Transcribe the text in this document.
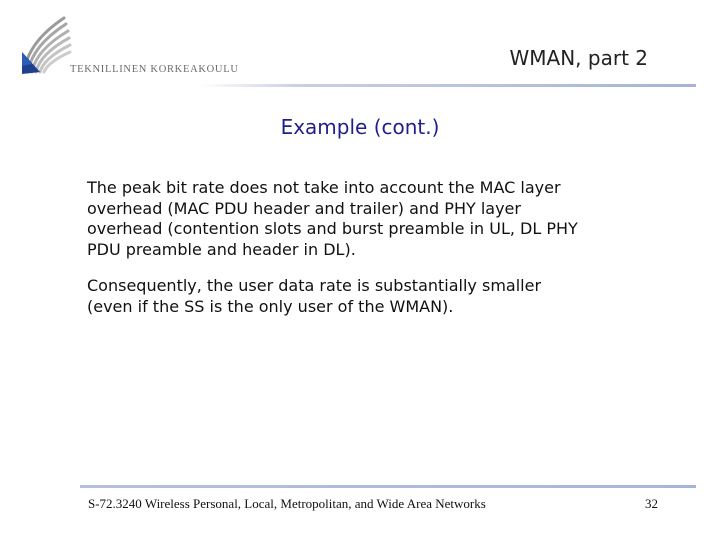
TEKNILLINEN KORKEAKOULU	WMAN, part 2
Example (cont.)
The peak bit rate does not take into account the MAC layer
overhead (MAC PDU header and trailer) and PHY layer
overhead (contention slots and burst preamble in UL, DL PHY
PDU preamble and header in DL).
Consequently, the user data rate is substantially smaller
(even if the SS is the only user of the WMAN).
S-72.3240 Wireless Personal, Local, Metropolitan, and Wide Area Networks	32
